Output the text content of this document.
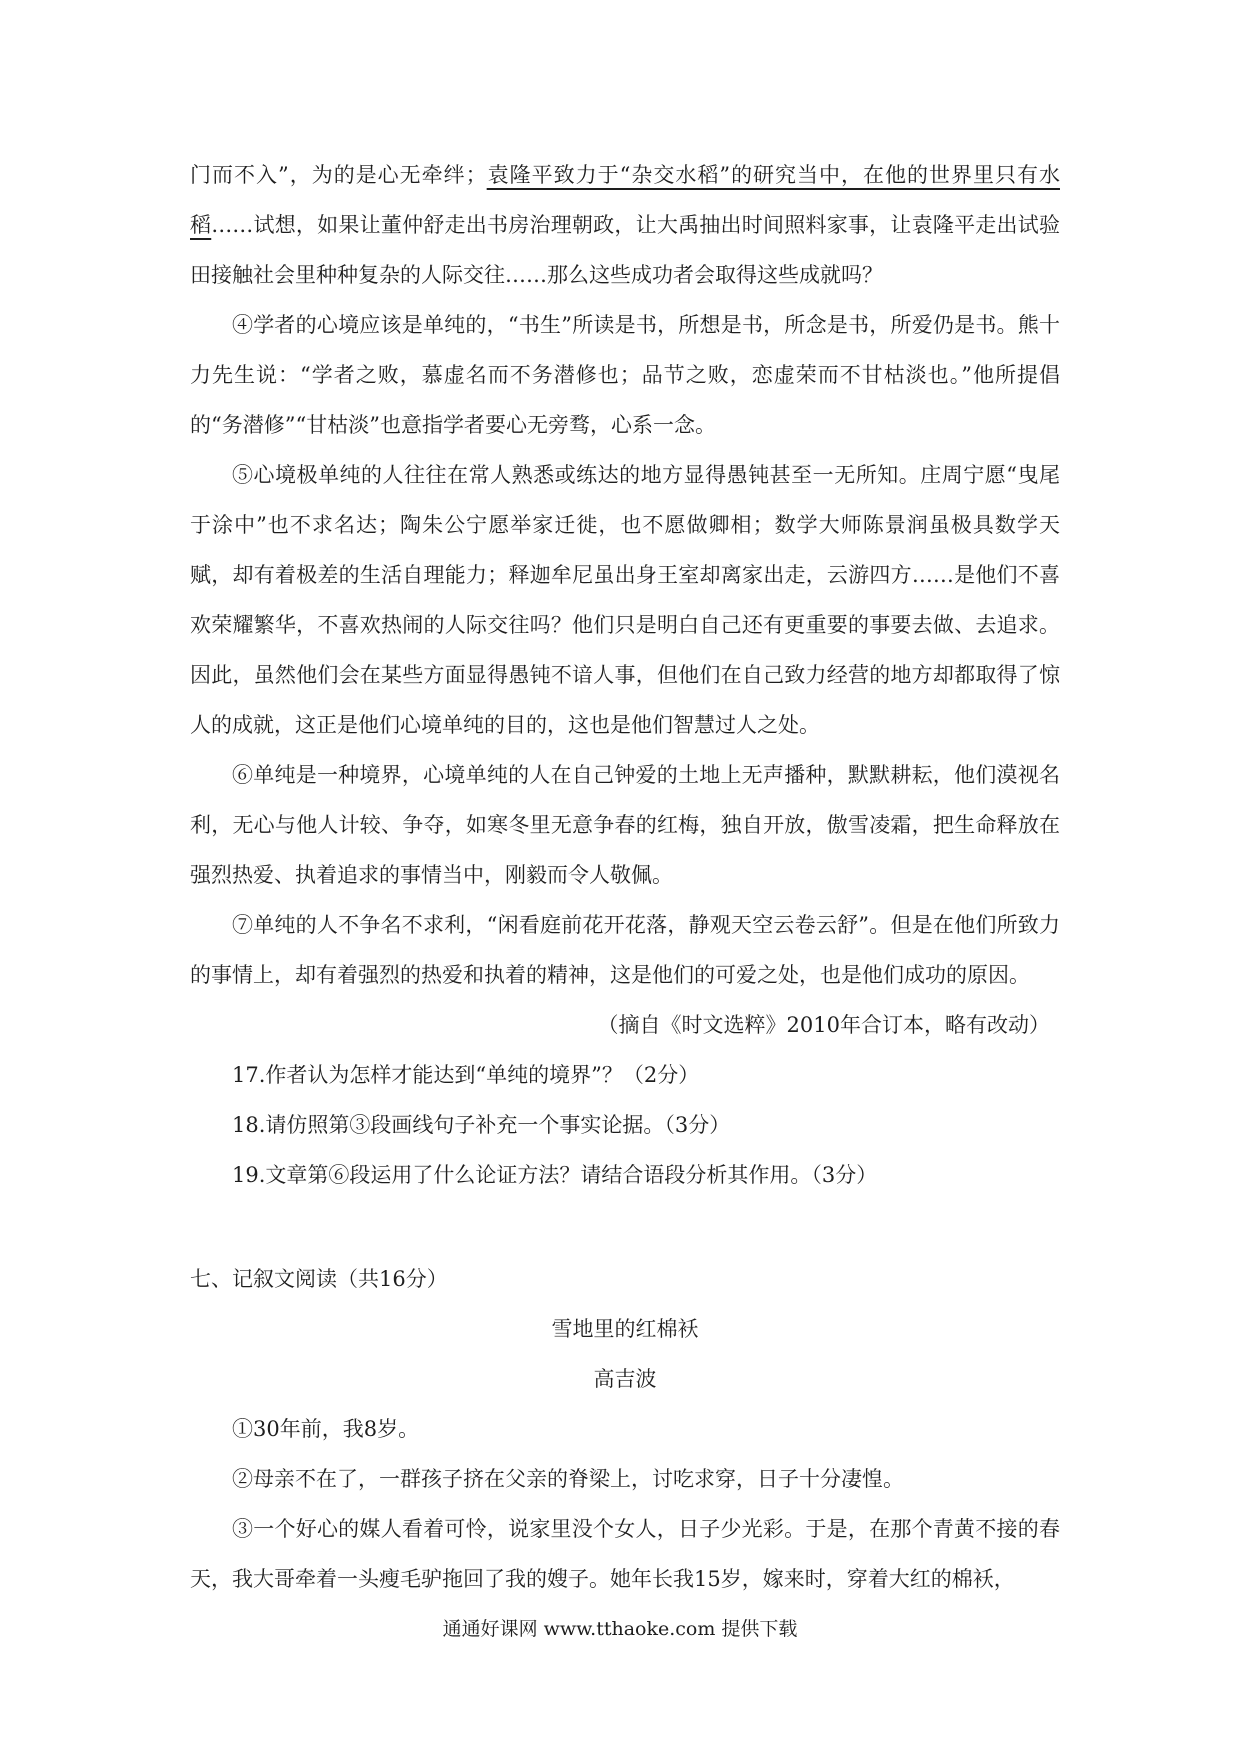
门而不入”，为的是心无牵绊；袁隆平致力于“杂交水稻”的研究当中，在他的世界里只有水稻……试想，如果让董仲舒走出书房治理朝政，让大禹抽出时间照料家事，让袁隆平走出试验田接触社会里种种复杂的人际交往……那么这些成功者会取得这些成就吗？

④学者的心境应该是单纯的，“书生”所读是书，所想是书，所念是书，所爱仍是书。熊十力先生说：“学者之败，慕虚名而不务潜修也；品节之败，恋虚荣而不甘枯淡也。”他所提倡的“务潜修”“甘枯淡”也意指学者要心无旁骛，心系一念。

⑤心境极单纯的人往往在常人熟悉或练达的地方显得愚钝甚至一无所知。庄周宁愿“曳尾于涂中”也不求名达；陶朱公宁愿举家迁徙，也不愿做卿相；数学大师陈景润虽极具数学天赋，却有着极差的生活自理能力；释迦牟尼虽出身王室却离家出走，云游四方……是他们不喜欢荣耀繁华，不喜欢热闹的人际交往吗？他们只是明白自己还有更重要的事要去做、去追求。因此，虽然他们会在某些方面显得愚钝不谙人事，但他们在自己致力经营的地方却都取得了惊人的成就，这正是他们心境单纯的目的，这也是他们智慧过人之处。

⑥单纯是一种境界，心境单纯的人在自己钟爱的土地上无声播种，默默耕耘，他们漠视名利，无心与他人计较、争夺，如寒冬里无意争春的红梅，独自开放，傲雪凌霜，把生命释放在强烈热爱、执着追求的事情当中，刚毅而令人敬佩。

⑦单纯的人不争名不求利，“闲看庭前花开花落，静观天空云卷云舒”。但是在他们所致力的事情上，却有着强烈的热爱和执着的精神，这是他们的可爱之处，也是他们成功的原因。

（摘自《时文选粹》2010年合订本，略有改动）

17.作者认为怎样才能达到“单纯的境界”？（2分）

18.请仿照第③段画线句子补充一个事实论据。（3分）

19.文章第⑥段运用了什么论证方法？请结合语段分析其作用。（3分）

七、记叙文阅读（共16分）

雪地里的红棉袄

高吉波

①30年前，我8岁。

②母亲不在了，一群孩子挤在父亲的脊梁上，讨吃求穿，日子十分凄惶。

③一个好心的媒人看着可怜，说家里没个女人，日子少光彩。于是，在那个青黄不接的春天，我大哥牵着一头瘦毛驴拖回了我的嫂子。她年长我15岁，嫁来时，穿着大红的棉袄，

通通好课网 www.tthaoke.com 提供下载
